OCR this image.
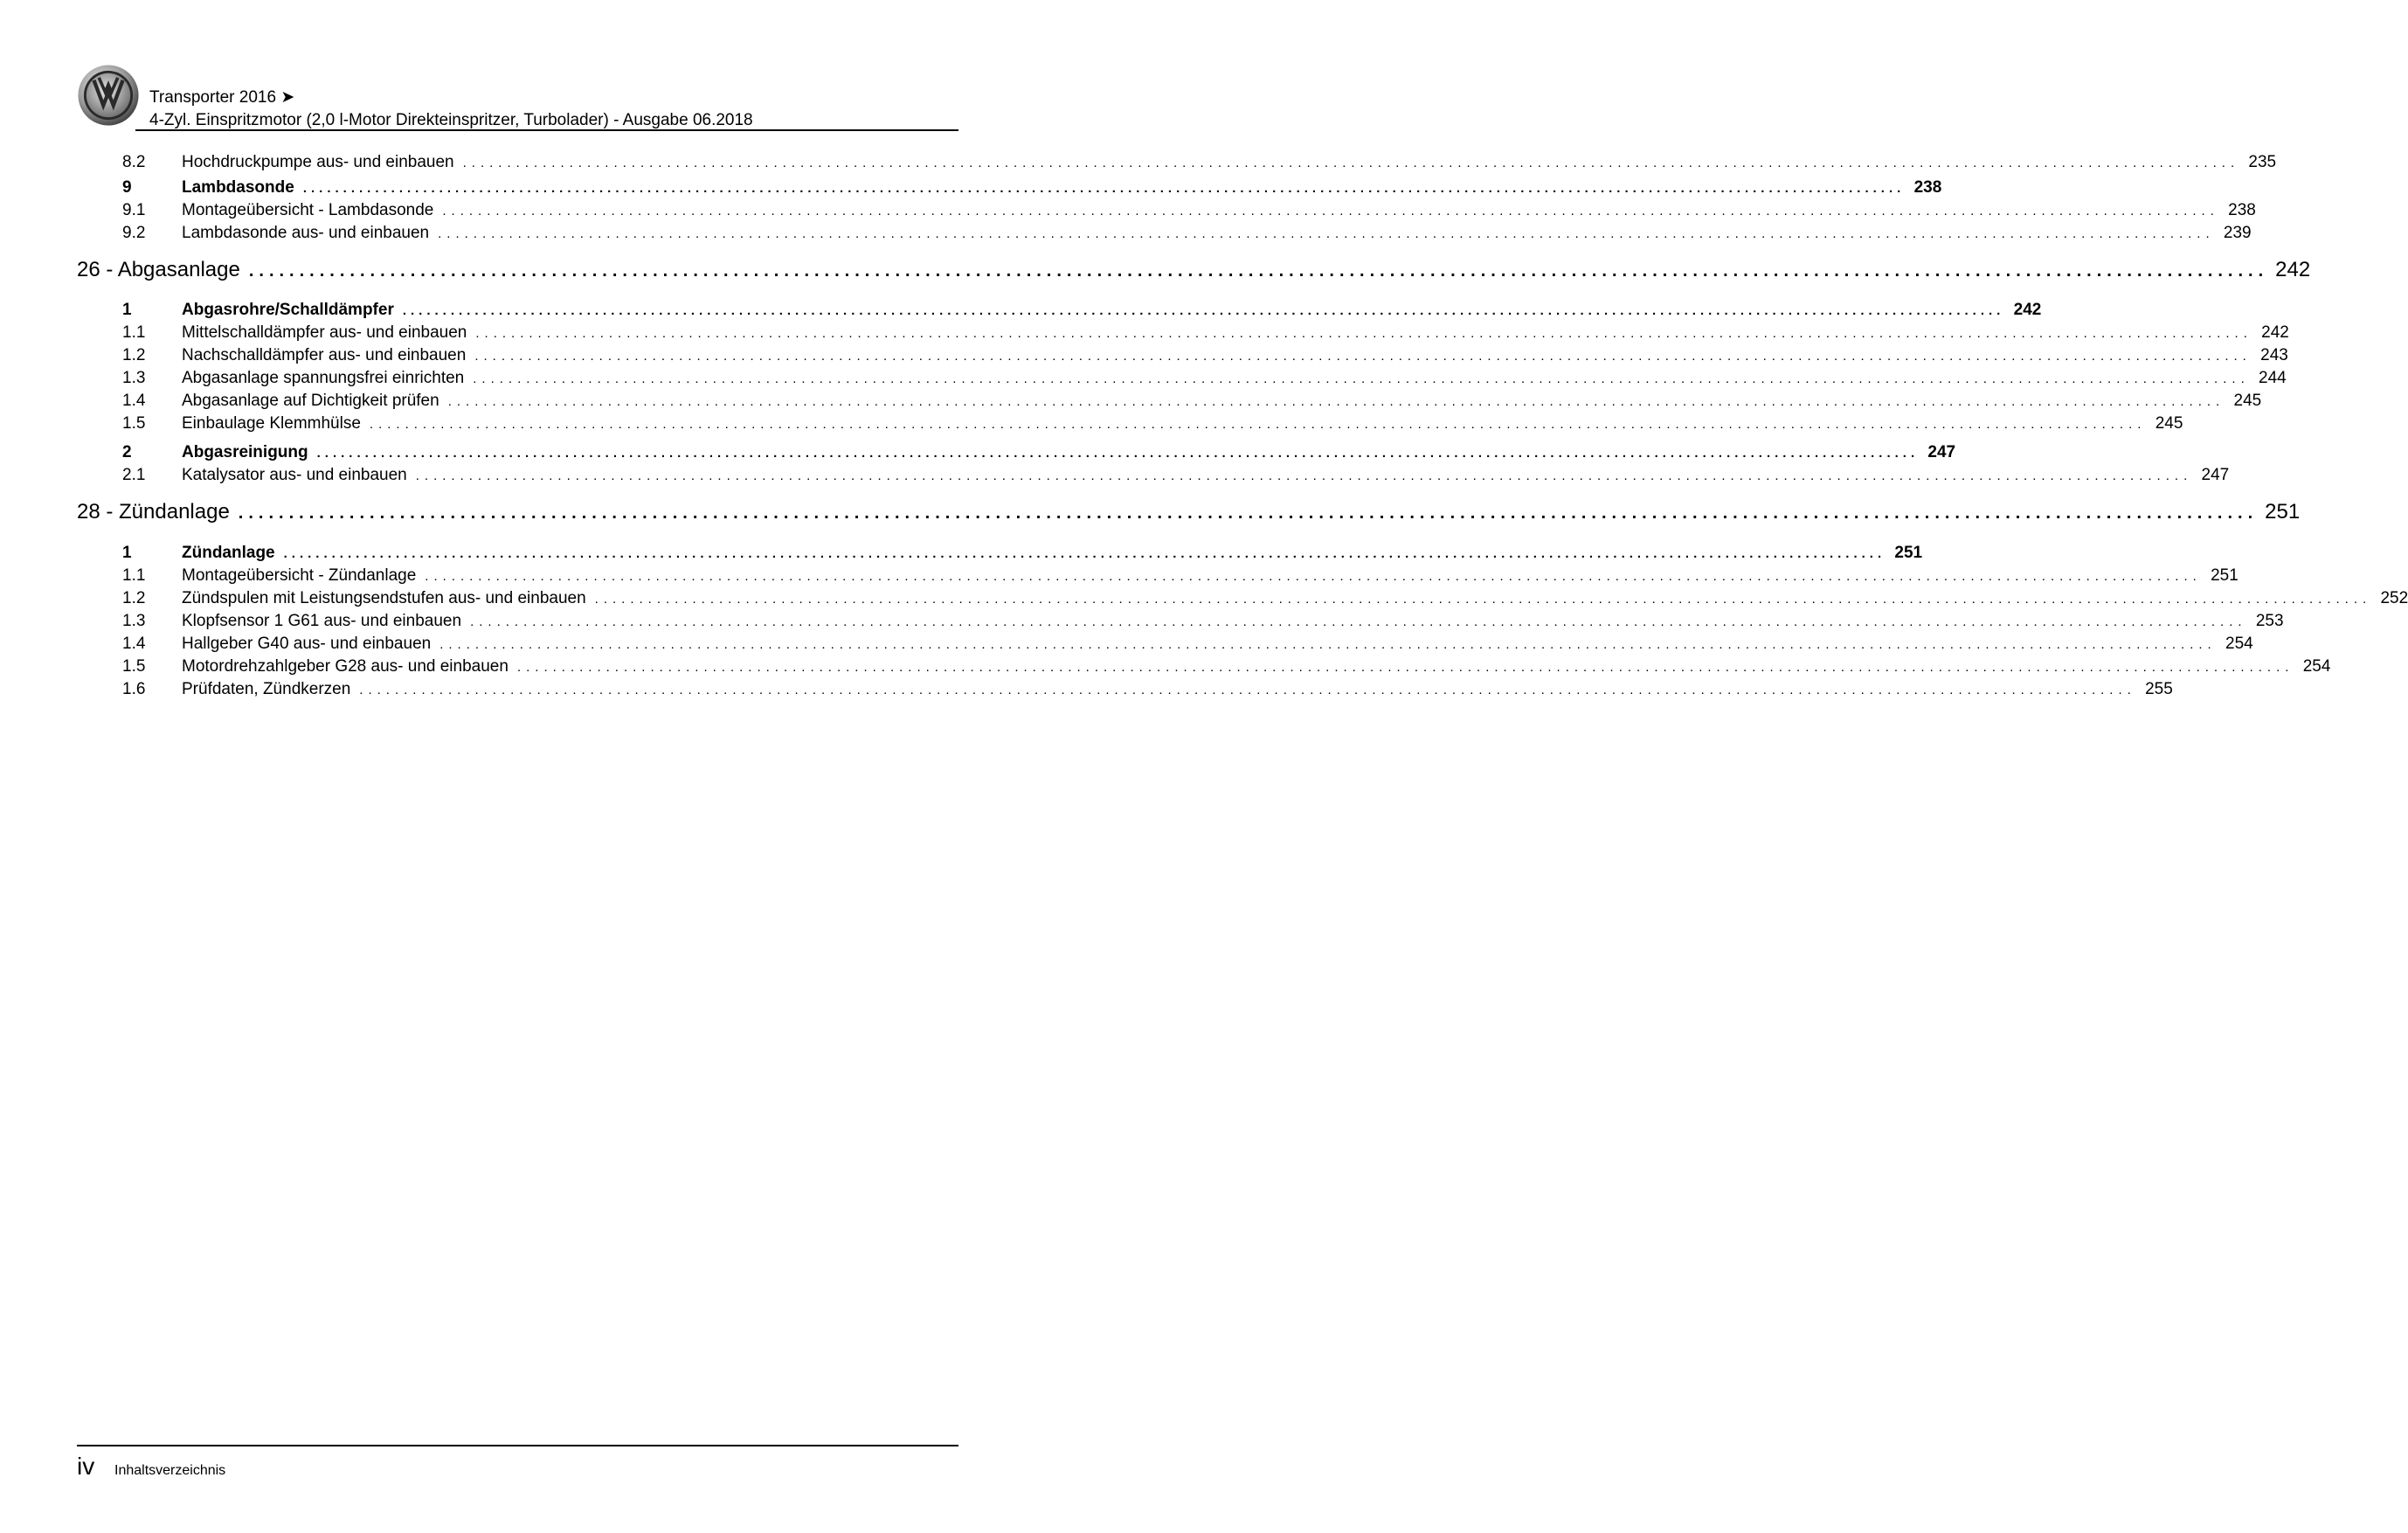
Transporter 2016 ➤
4-Zyl. Einspritzmotor (2,0 l-Motor Direkteinspritzer, Turbolader) - Ausgabe 06.2018
8.2	Hochdruckpumpe aus- und einbauen ........................................................................................................................................................................................................ 235
9	Lambdasonde ........................................................................................................................................................................................................ 238
9.1	Montageübersicht - Lambdasonde ........................................................................................................................................................................................................ 238
9.2	Lambdasonde aus- und einbauen ........................................................................................................................................................................................................ 239
26 - Abgasanlage ........................................................................................................................................................................................................ 242
1	Abgasrohre/Schalldämpfer ........................................................................................................................................................................................................ 242
1.1	Mittelschalldämpfer aus- und einbauen ........................................................................................................................................................................................................ 242
1.2	Nachschalldämpfer aus- und einbauen ........................................................................................................................................................................................................ 243
1.3	Abgasanlage spannungsfrei einrichten ........................................................................................................................................................................................................ 244
1.4	Abgasanlage auf Dichtigkeit prüfen ........................................................................................................................................................................................................ 245
1.5	Einbaulage Klemmhülse ........................................................................................................................................................................................................ 245
2	Abgasreinigung ........................................................................................................................................................................................................ 247
2.1	Katalysator aus- und einbauen ........................................................................................................................................................................................................ 247
28 - Zündanlage ........................................................................................................................................................................................................ 251
1	Zündanlage ........................................................................................................................................................................................................ 251
1.1	Montageübersicht - Zündanlage ........................................................................................................................................................................................................ 251
1.2	Zündspulen mit Leistungsendstufen aus- und einbauen ........................................................................................................................................................................................................ 252
1.3	Klopfsensor 1 G61 aus- und einbauen ........................................................................................................................................................................................................ 253
1.4	Hallgeber G40 aus- und einbauen ........................................................................................................................................................................................................ 254
1.5	Motordrehzahlgeber G28 aus- und einbauen ........................................................................................................................................................................................................ 254
1.6	Prüfdaten, Zündkerzen ........................................................................................................................................................................................................ 255
iv Inhaltsverzeichnis
